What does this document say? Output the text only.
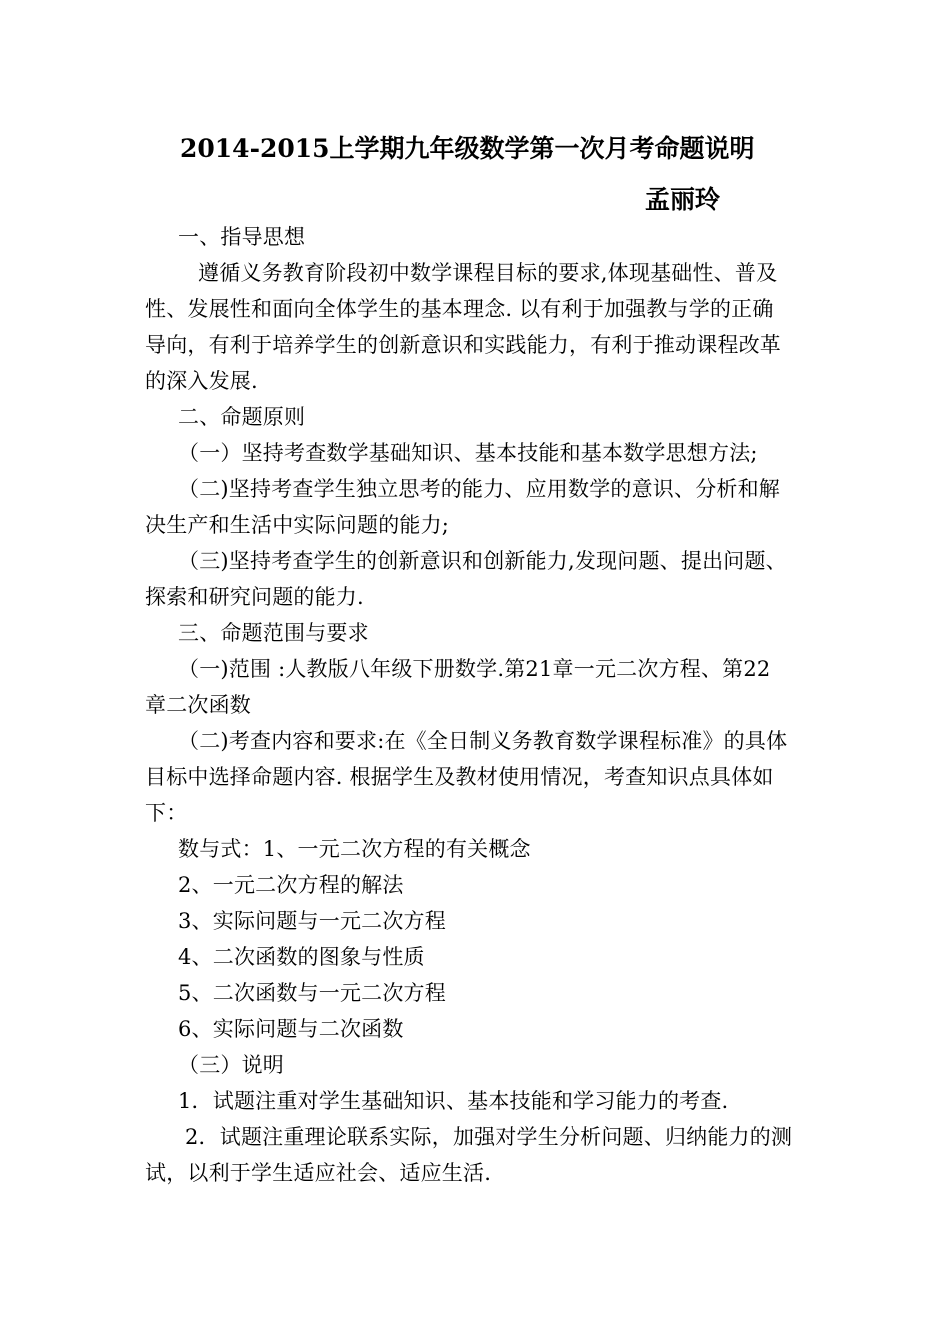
2014-2015上学期九年级数学第一次月考命题说明
孟丽玲
一、指导思想
遵循义务教育阶段初中数学课程目标的要求,体现基础性、普及
性、发展性和面向全体学生的基本理念. 以有利于加强教与学的正确
导向，有利于培养学生的创新意识和实践能力，有利于推动课程改革
的深入发展.
二、命题原则
（一）坚持考查数学基础知识、基本技能和基本数学思想方法;
（二)坚持考查学生独立思考的能力、应用数学的意识、分析和解
决生产和生活中实际问题的能力;
（三)坚持考查学生的创新意识和创新能力,发现问题、提出问题、
探索和研究问题的能力.
三、命题范围与要求
（一)范围 :人教版八年级下册数学.第21章一元二次方程、第22
章二次函数
（二)考查内容和要求:在《全日制义务教育数学课程标准》的具体
目标中选择命题内容. 根据学生及教材使用情况，考查知识点具体如
下：
数与式：1、一元二次方程的有关概念
2、一元二次方程的解法
3、实际问题与一元二次方程
4、二次函数的图象与性质
5、二次函数与一元二次方程
6、实际问题与二次函数
（三）说明
1．试题注重对学生基础知识、基本技能和学习能力的考查.
2．试题注重理论联系实际，加强对学生分析问题、归纳能力的测
试，以利于学生适应社会、适应生活.
